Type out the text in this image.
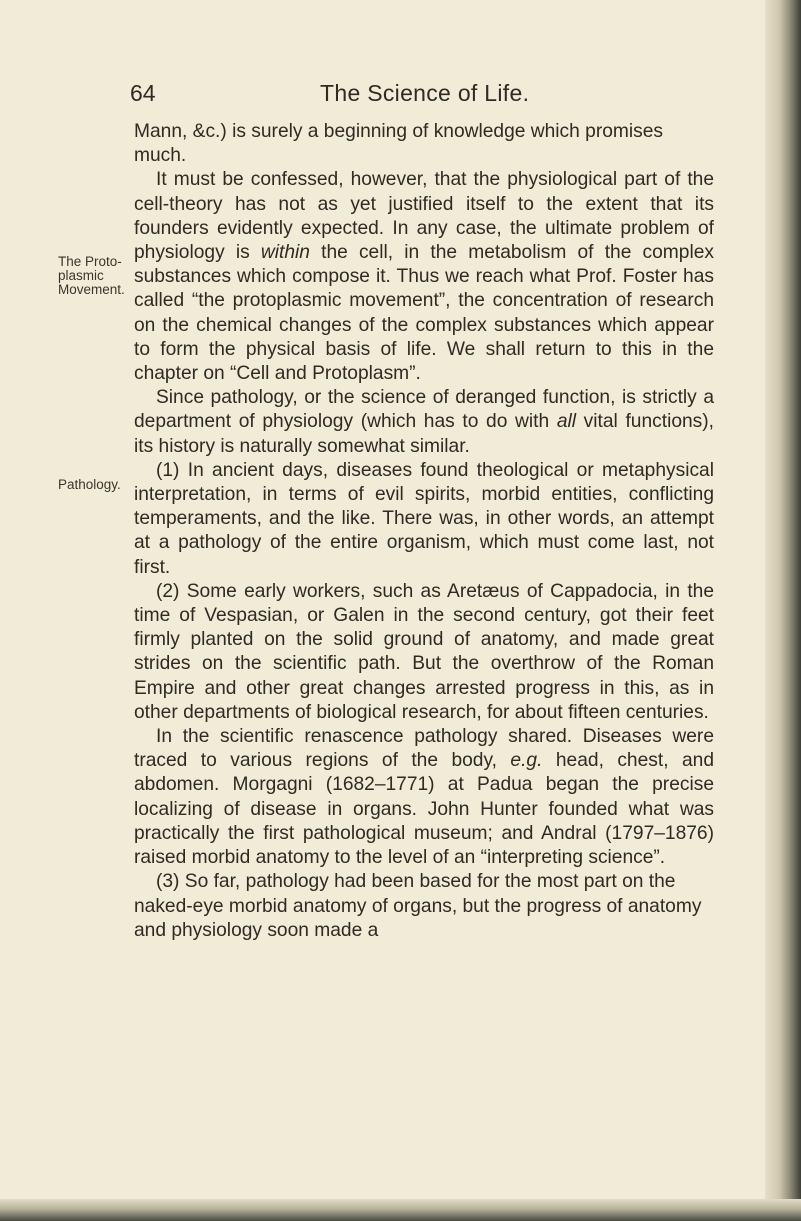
64	The Science of Life.
The Proto- plasmic Movement.
Pathology.

Mann, &c.) is surely a beginning of knowledge which promises much.

It must be confessed, however, that the physiological part of the cell-theory has not as yet justified itself to the extent that its founders evidently expected. In any case, the ultimate problem of physiology is within the cell, in the metabolism of the complex substances which compose it. Thus we reach what Prof. Foster has called “the protoplasmic movement”, the concentration of research on the chemical changes of the complex substances which appear to form the physical basis of life. We shall return to this in the chapter on “Cell and Protoplasm”.

Since pathology, or the science of deranged function, is strictly a department of physiology (which has to do with all vital functions), its history is naturally somewhat similar.

(1) In ancient days, diseases found theological or metaphysical interpretation, in terms of evil spirits, morbid entities, conflicting temperaments, and the like. There was, in other words, an attempt at a pathology of the entire organism, which must come last, not first.

(2) Some early workers, such as Aretæus of Cappadocia, in the time of Vespasian, or Galen in the second century, got their feet firmly planted on the solid ground of anatomy, and made great strides on the scientific path. But the overthrow of the Roman Empire and other great changes arrested progress in this, as in other departments of biological research, for about fifteen centuries.

In the scientific renascence pathology shared. Diseases were traced to various regions of the body, e.g. head, chest, and abdomen. Morgagni (1682–1771) at Padua began the precise localizing of disease in organs. John Hunter founded what was practically the first pathological museum; and Andral (1797–1876) raised morbid anatomy to the level of an “interpreting science”.

(3) So far, pathology had been based for the most part on the naked-eye morbid anatomy of organs, but the progress of anatomy and physiology soon made a
